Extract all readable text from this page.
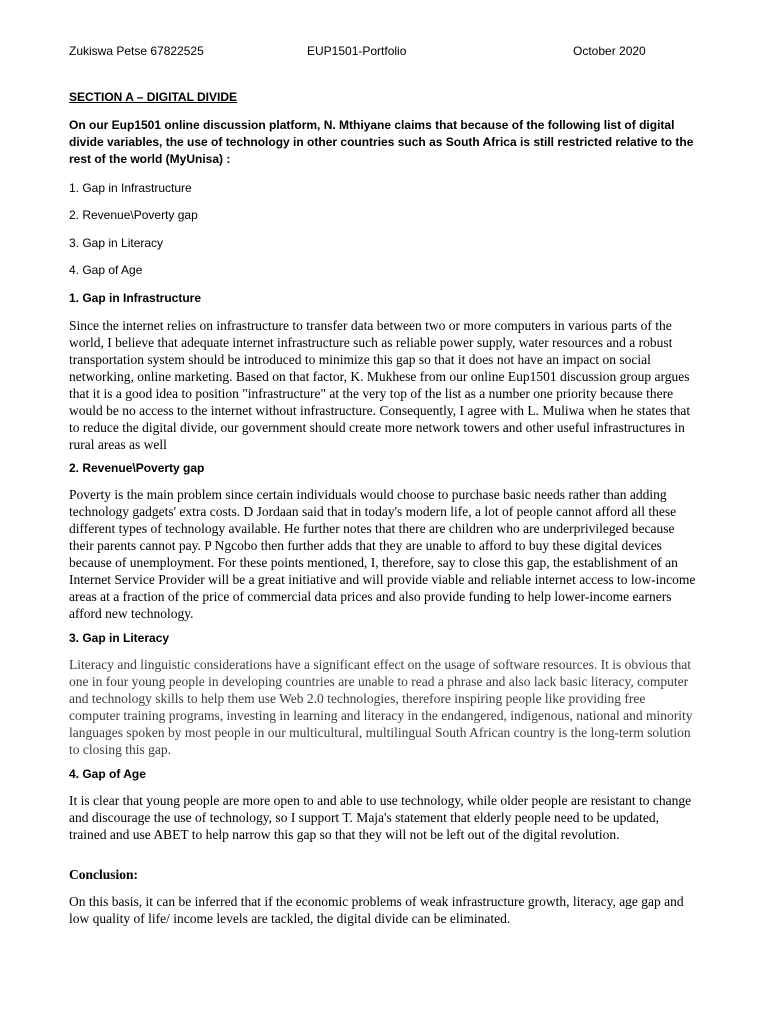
Zukiswa Petse 67822525	EUP1501-Portfolio	October 2020

SECTION A – DIGITAL DIVIDE

On our Eup1501 online discussion platform, N. Mthiyane claims that because of the following list of digital divide variables, the use of technology in other countries such as South Africa is still restricted relative to the rest of the world (MyUnisa) :

1. Gap in Infrastructure

2. Revenue\Poverty gap

3. Gap in Literacy

4. Gap of Age

1. Gap in Infrastructure

Since the internet relies on infrastructure to transfer data between two or more computers in various parts of the world, I believe that adequate internet infrastructure such as reliable power supply, water resources and a robust transportation system should be introduced to minimize this gap so that it does not have an impact on social networking, online marketing. Based on that factor, K. Mukhese from our online Eup1501 discussion group argues that it is a good idea to position "infrastructure" at the very top of the list as a number one priority because there would be no access to the internet without infrastructure. Consequently, I agree with L. Muliwa when he states that to reduce the digital divide, our government should create more network towers and other useful infrastructures in rural areas as well

2. Revenue\Poverty gap

Poverty is the main problem since certain individuals would choose to purchase basic needs rather than adding technology gadgets' extra costs. D Jordaan said that in today's modern life, a lot of people cannot afford all these different types of technology available. He further notes that there are children who are underprivileged because their parents cannot pay. P Ngcobo then further adds that they are unable to afford to buy these digital devices because of unemployment. For these points mentioned, I, therefore, say to close this gap, the establishment of an Internet Service Provider will be a great initiative and will provide viable and reliable internet access to low-income areas at a fraction of the price of commercial data prices and also provide funding to help lower-income earners afford new technology.

3. Gap in Literacy

Literacy and linguistic considerations have a significant effect on the usage of software resources. It is obvious that one in four young people in developing countries are unable to read a phrase and also lack basic literacy, computer and technology skills to help them use Web 2.0 technologies, therefore inspiring people like providing free computer training programs, investing in learning and literacy in the endangered, indigenous, national and minority languages spoken by most people in our multicultural, multilingual South African country is the long-term solution to closing this gap.

4. Gap of Age

It is clear that young people are more open to and able to use technology, while older people are resistant to change and discourage the use of technology, so I support T. Maja's statement that elderly people need to be updated, trained and use ABET to help narrow this gap so that they will not be left out of the digital revolution.

Conclusion:

On this basis, it can be inferred that if the economic problems of weak infrastructure growth, literacy, age gap and low quality of life/ income levels are tackled, the digital divide can be eliminated.
